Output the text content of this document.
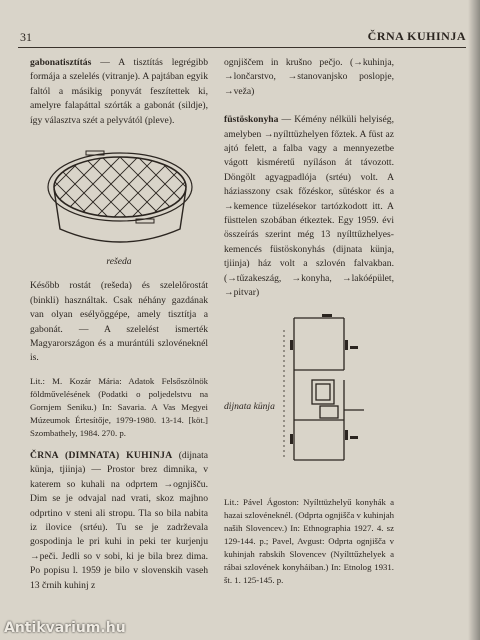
31	ČRNA KUHINJA

gabonatisztítás — A tisztítás legrégibb formája a szelelés (vitranje). A pajtában egyik faltól a másikig ponyvát feszítettek ki, amelyre falapáttal szórták a gabonát (sildje), így választva szét a pelyvától (pleve).

rešeda

Később rostát (rešeda) és szelelőrostát (binkli) használtak. Csak néhány gazdának van olyan esélyöggépe, amely tisztítja a gabonát. — A szelelést ismerték Magyarországon és a murántúli szlovéneknél is.

Lit.: M. Kozár Mária: Adatok Felsőszölnök földművelésének (Podatki o poljedelstvu na Gornjem Seniku.) In: Savaria. A Vas Megyei Múzeumok Értesítője, 1979-1980. 13-14. [köt.] Szombathely, 1984. 270. p.

ČRNA (DIMNATA) KUHINJA (dijnata künja, tjiinja) — Prostor brez dimnika, v katerem so kuhali na odprtem →ognjišču. Dim se je odvajal nad vrati, skoz majhno odprtino v steni ali stropu. Tla so bila nabita iz ilovice (srtéu). Tu se je zadrževala gospodinja le pri kuhi in peki ter kurjenju →peči. Jedli so v sobi, ki je bila brez dima. Po popisu l. 1959 je bilo v slovenskih vaseh 13 črnih kuhinj z

ognjiščem in krušno pečjo. (→kuhinja, →lončarstvo, →stanovanjsko poslopje, →veža)

füstöskonyha — Kémény nélküli helyiség, amelyben →nyílttüzhelyen főztek. A füst az ajtó felett, a falba vagy a mennyezetbe vágott kisméretű nyíláson át távozott. Döngölt agyagpadlója (srtéu) volt. A háziasszony csak főzéskor, sütéskor és a →kemence tüzelésekor tartózkodott itt. A füsttelen szobában étkeztek. Egy 1959. évi összeírás szerint még 13 nyílttűzhelyes-kemencés füstöskonyhás (dijnata künja, tjiinja) ház volt a szlovén falvakban. (→tűzakeszág, →konyha, →lakóépület, →pitvar)

dijnata künja

Lit.: Pável Ágoston: Nyílttüzhelyű konyhák a hazai szlovéneknél. (Odprta ognjišča v kuhinjah naših Slovencev.) In: Ethnographia 1927. 4. sz 129-144. p.; Pavel, Avgust: Odprta ognjišča v kuhinjah rabskih Slovencev (Nyílttűzhelyek a rábai szlovének konyháiban.) In: Etnolog 1931. št. 1. 125-145. p.

Antikvarium.hu
